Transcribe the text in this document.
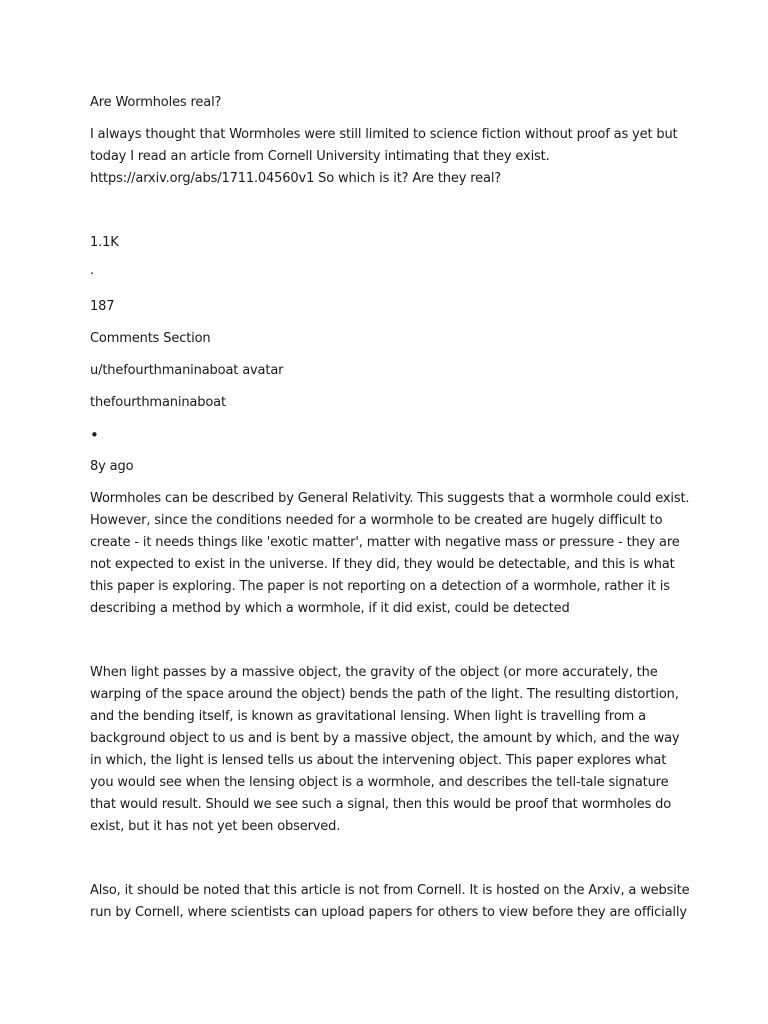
Are Wormholes real?

I always thought that Wormholes were still limited to science fiction without proof as yet but today I read an article from Cornell University intimating that they exist. https://arxiv.org/abs/1711.04560v1 So which is it? Are they real?

1.1K

·

187

Comments Section

u/thefourthmaninaboat avatar

thefourthmaninaboat

•

8y ago

Wormholes can be described by General Relativity. This suggests that a wormhole could exist. However, since the conditions needed for a wormhole to be created are hugely difficult to create - it needs things like 'exotic matter', matter with negative mass or pressure - they are not expected to exist in the universe. If they did, they would be detectable, and this is what this paper is exploring. The paper is not reporting on a detection of a wormhole, rather it is describing a method by which a wormhole, if it did exist, could be detected

When light passes by a massive object, the gravity of the object (or more accurately, the warping of the space around the object) bends the path of the light. The resulting distortion, and the bending itself, is known as gravitational lensing. When light is travelling from a background object to us and is bent by a massive object, the amount by which, and the way in which, the light is lensed tells us about the intervening object. This paper explores what you would see when the lensing object is a wormhole, and describes the tell-tale signature that would result. Should we see such a signal, then this would be proof that wormholes do exist, but it has not yet been observed.

Also, it should be noted that this article is not from Cornell. It is hosted on the Arxiv, a website run by Cornell, where scientists can upload papers for others to view before they are officially
